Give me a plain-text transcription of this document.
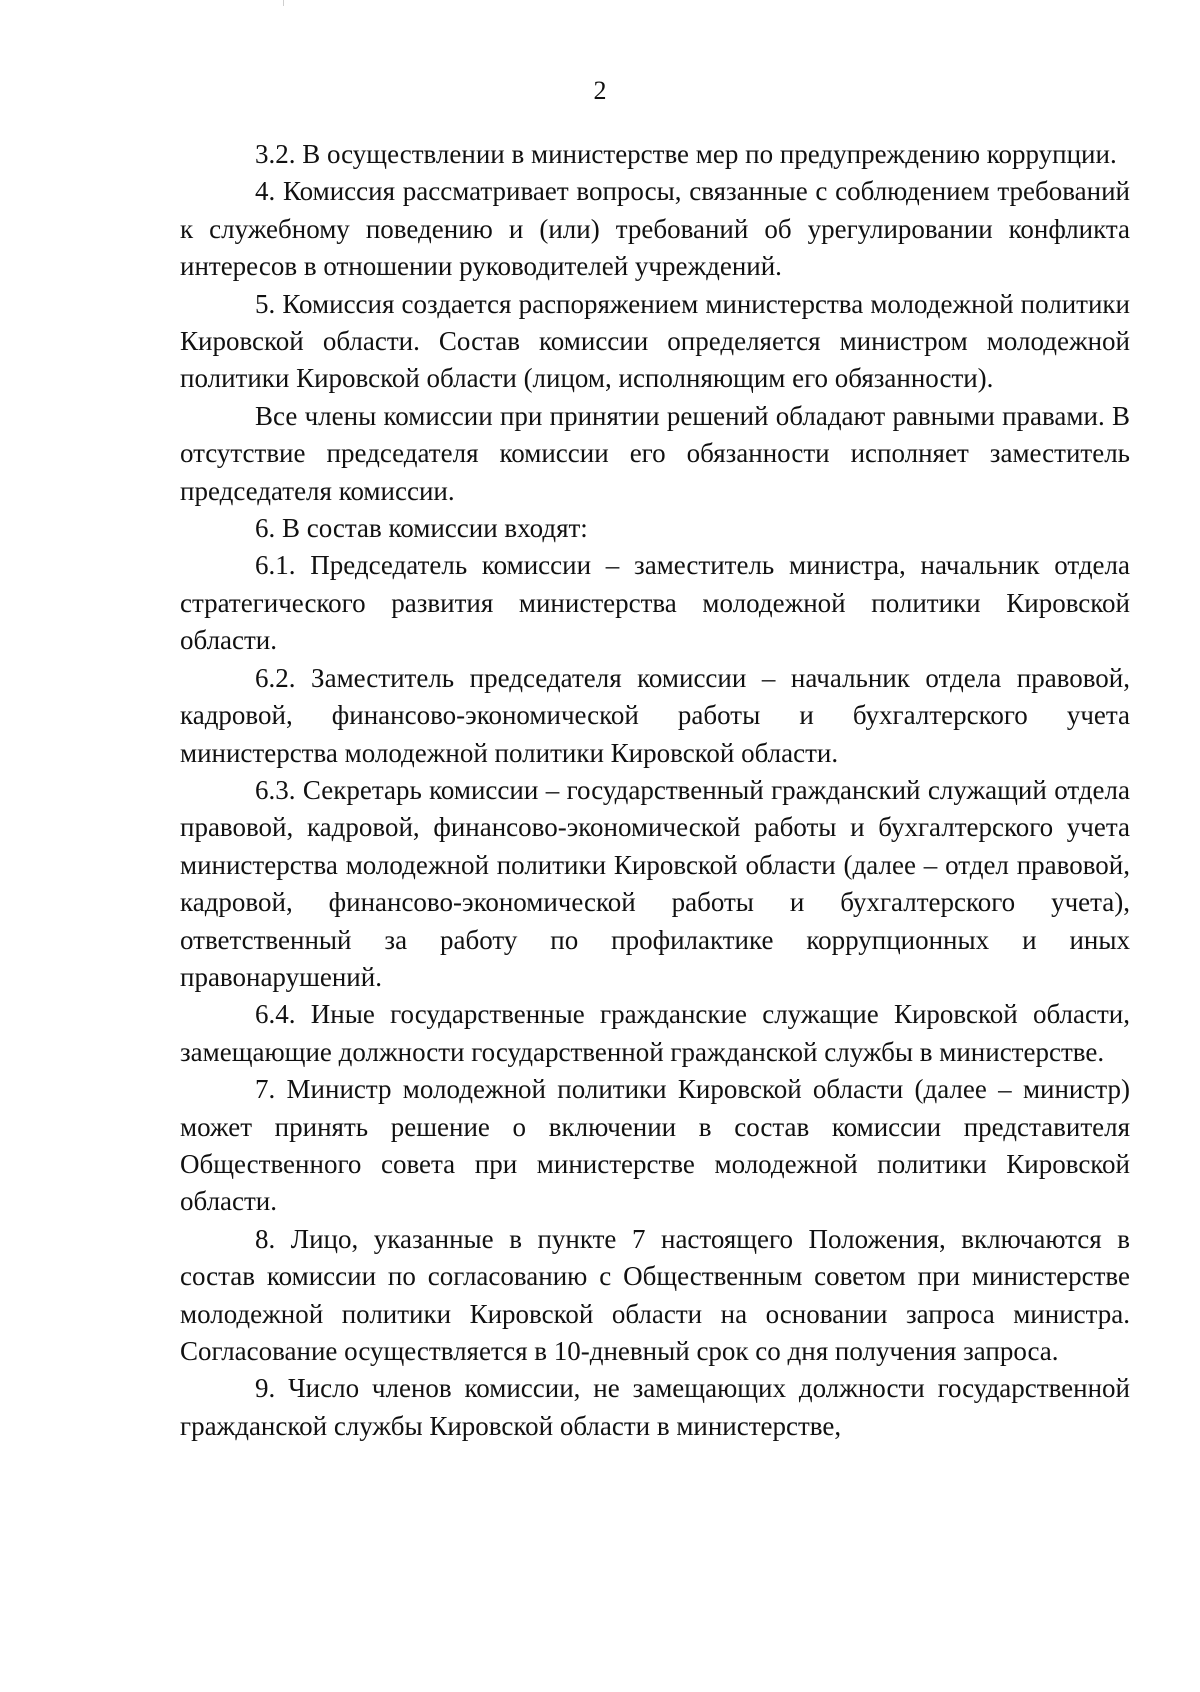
2

3.2. В осуществлении в министерстве мер по предупреждению коррупции.

4. Комиссия рассматривает вопросы, связанные с соблюдением требований к служебному поведению и (или) требований об урегулировании конфликта интересов в отношении руководителей учреждений.

5. Комиссия создается распоряжением министерства молодежной политики Кировской области. Состав комиссии определяется министром молодежной политики Кировской области (лицом, исполняющим его обязанности).

Все члены комиссии при принятии решений обладают равными правами. В отсутствие председателя комиссии его обязанности исполняет заместитель председателя комиссии.

6. В состав комиссии входят:

6.1. Председатель комиссии – заместитель министра, начальник отдела стратегического развития министерства молодежной политики Кировской области.

6.2. Заместитель председателя комиссии – начальник отдела правовой, кадровой, финансово-экономической работы и бухгалтерского учета министерства молодежной политики Кировской области.

6.3. Секретарь комиссии – государственный гражданский служащий отдела правовой, кадровой, финансово-экономической работы и бухгалтерского учета министерства молодежной политики Кировской области (далее – отдел правовой, кадровой, финансово-экономической работы и бухгалтерского учета), ответственный за работу по профилактике коррупционных и иных правонарушений.

6.4. Иные государственные гражданские служащие Кировской области, замещающие должности государственной гражданской службы в министерстве.

7. Министр молодежной политики Кировской области (далее – министр) может принять решение о включении в состав комиссии представителя Общественного совета при министерстве молодежной политики Кировской области.

8. Лицо, указанные в пункте 7 настоящего Положения, включаются в состав комиссии по согласованию с Общественным советом при министерстве молодежной политики Кировской области на основании запроса министра. Согласование осуществляется в 10-дневный срок со дня получения запроса.

9. Число членов комиссии, не замещающих должности государственной гражданской службы Кировской области в министерстве,
